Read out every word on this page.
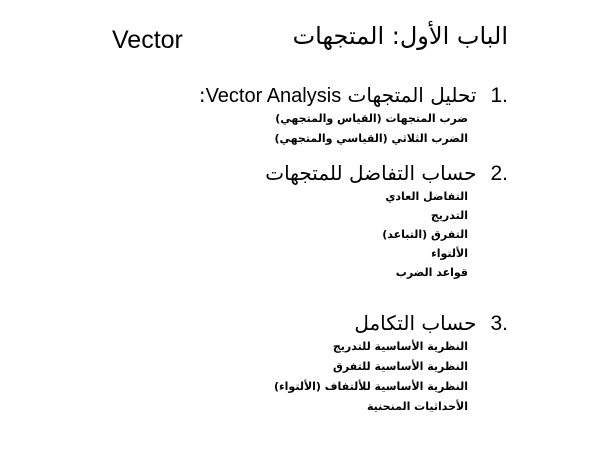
Vector	الباب الأول: المتجهات
1.
تحليل المتجهات Vector Analysis:
ضرب المتجهات (القياس والمتجهي)
الضرب الثلاثي (القياسي والمتجهي)
2.
حساب التفاضل للمتجهات
التفاضل العادي
التدريج
التفرق (التباعد)
الألتواء
قواعد الضرب
3.
حساب التكامل
النظرية الأساسية للتدريج
النظرية الأساسية للتفرق
النظرية الأساسية للألتفاف (الألتواء)
الأحداثيات المنحنية
